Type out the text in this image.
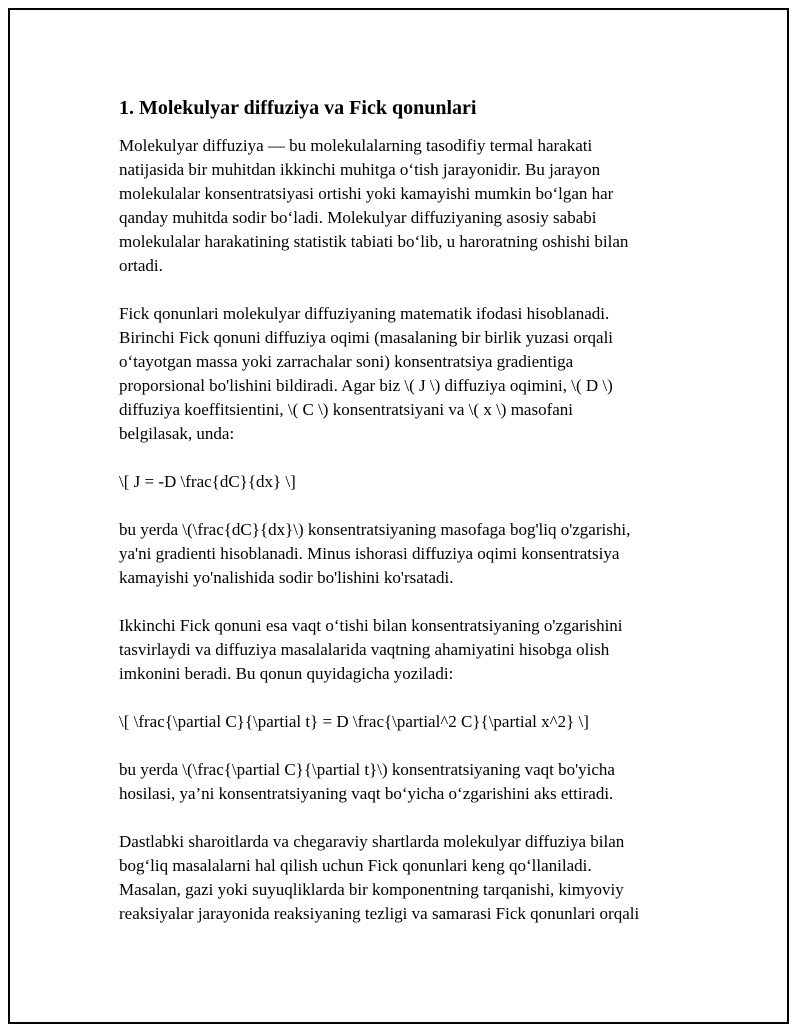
1. Molekulyar diffuziya va Fick qonunlari
Molekulyar diffuziya — bu molekulalarning tasodifiy termal harakati
natijasida bir muhitdan ikkinchi muhitga o‘tish jarayonidir. Bu jarayon
molekulalar konsentratsiyasi ortishi yoki kamayishi mumkin bo‘lgan har
qanday muhitda sodir bo‘ladi. Molekulyar diffuziyaning asosiy sababi
molekulalar harakatining statistik tabiati bo‘lib, u haroratning oshishi bilan
ortadi.
Fick qonunlari molekulyar diffuziyaning matematik ifodasi hisoblanadi.
Birinchi Fick qonuni diffuziya oqimi (masalaning bir birlik yuzasi orqali
o‘tayotgan massa yoki zarrachalar soni) konsentratsiya gradientiga
proporsional bo'lishini bildiradi. Agar biz \( J \) diffuziya oqimini, \( D \)
diffuziya koeffitsientini, \( C \) konsentratsiyani va \( x \) masofani
belgilasak, unda:
\[ J = -D \frac{dC}{dx} \]
bu yerda \(\frac{dC}{dx}\) konsentratsiyaning masofaga bog'liq o'zgarishi,
ya'ni gradienti hisoblanadi. Minus ishorasi diffuziya oqimi konsentratsiya
kamayishi yo'nalishida sodir bo'lishini ko'rsatadi.
Ikkinchi Fick qonuni esa vaqt o‘tishi bilan konsentratsiyaning o'zgarishini
tasvirlaydi va diffuziya masalalarida vaqtning ahamiyatini hisobga olish
imkonini beradi. Bu qonun quyidagicha yoziladi:
\[ \frac{\partial C}{\partial t} = D \frac{\partial^2 C}{\partial x^2} \]
bu yerda \(\frac{\partial C}{\partial t}\) konsentratsiyaning vaqt bo'yicha
hosilasi, ya’ni konsentratsiyaning vaqt bo‘yicha o‘zgarishini aks ettiradi.
Dastlabki sharoitlarda va chegaraviy shartlarda molekulyar diffuziya bilan
bog‘liq masalalarni hal qilish uchun Fick qonunlari keng qo‘llaniladi.
Masalan, gazi yoki suyuqliklarda bir komponentning tarqanishi, kimyoviy
reaksiyalar jarayonida reaksiyaning tezligi va samarasi Fick qonunlari orqali
